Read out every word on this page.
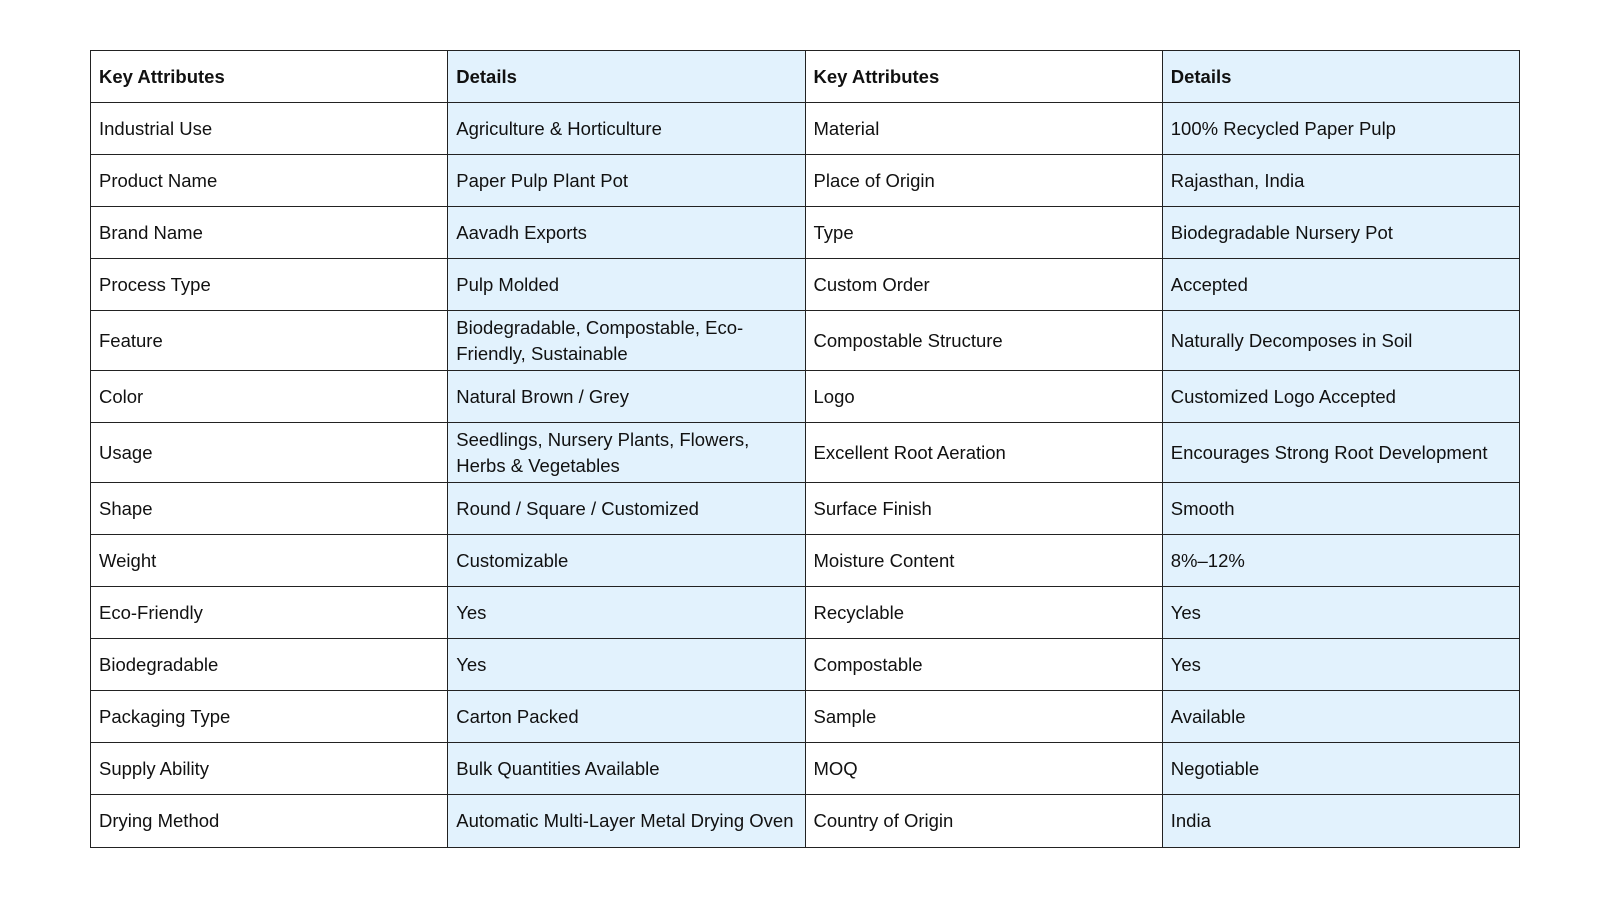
Key Attributes	Details	Key Attributes	Details
Industrial Use	Agriculture & Horticulture	Material	100% Recycled Paper Pulp
Product Name	Paper Pulp Plant Pot	Place of Origin	Rajasthan, India
Brand Name	Aavadh Exports	Type	Biodegradable Nursery Pot
Process Type	Pulp Molded	Custom Order	Accepted
Feature	Biodegradable, Compostable, Eco-Friendly, Sustainable	Compostable Structure	Naturally Decomposes in Soil
Color	Natural Brown / Grey	Logo	Customized Logo Accepted
Usage	Seedlings, Nursery Plants, Flowers, Herbs & Vegetables	Excellent Root Aeration	Encourages Strong Root Development
Shape	Round / Square / Customized	Surface Finish	Smooth
Weight	Customizable	Moisture Content	8%–12%
Eco-Friendly	Yes	Recyclable	Yes
Biodegradable	Yes	Compostable	Yes
Packaging Type	Carton Packed	Sample	Available
Supply Ability	Bulk Quantities Available	MOQ	Negotiable
Drying Method	Automatic Multi-Layer Metal Drying Oven	Country of Origin	India
